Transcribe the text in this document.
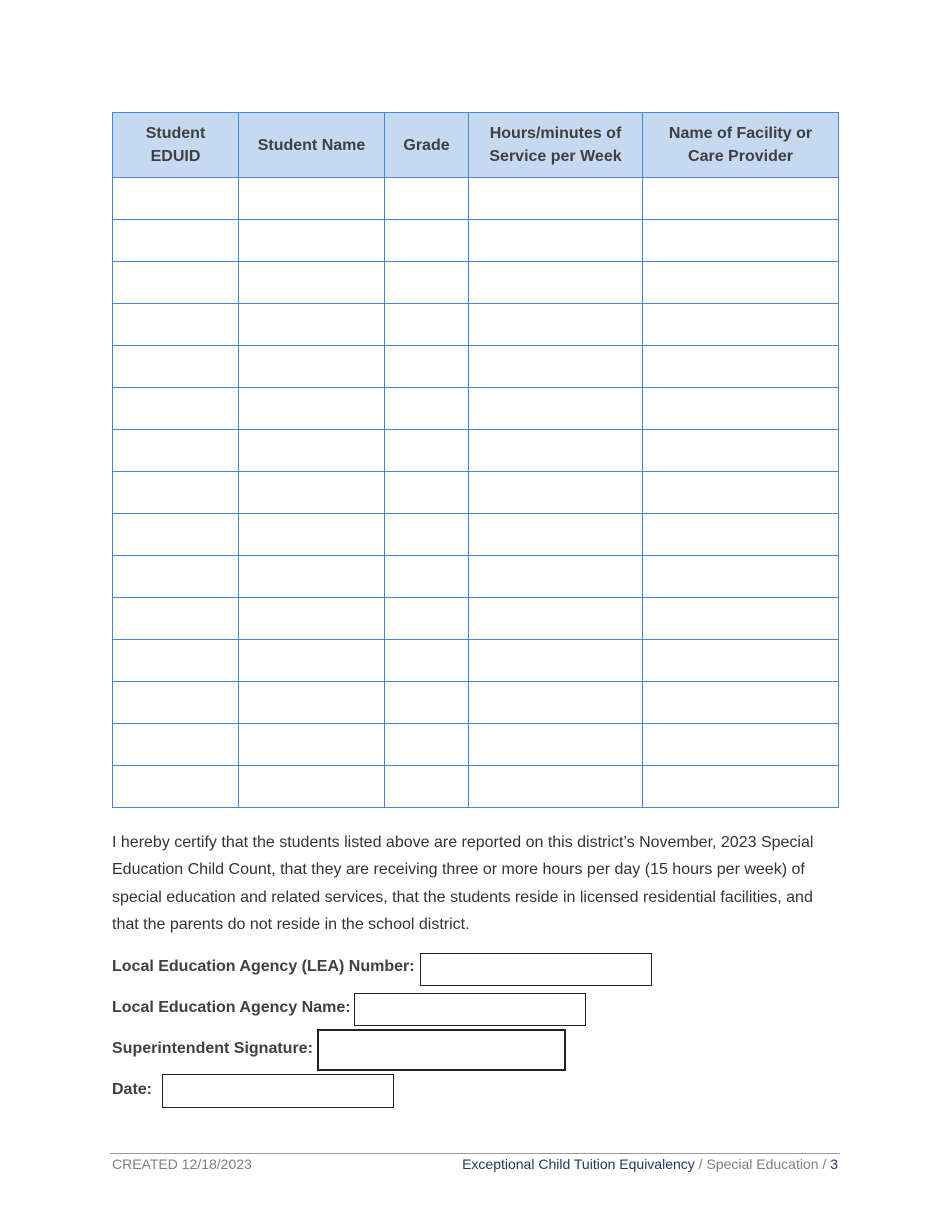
Student EDUID	Student Name	Grade	Hours/minutes of Service per Week	Name of Facility or Care Provider

I hereby certify that the students listed above are reported on this district’s November, 2023 Special Education Child Count, that they are receiving three or more hours per day (15 hours per week) of special education and related services, that the students reside in licensed residential facilities, and that the parents do not reside in the school district.

Local Education Agency (LEA) Number:
Local Education Agency Name:
Superintendent Signature:
Date:
CREATED 12/18/2023	Exceptional Child Tuition Equivalency / Special Education / 3
